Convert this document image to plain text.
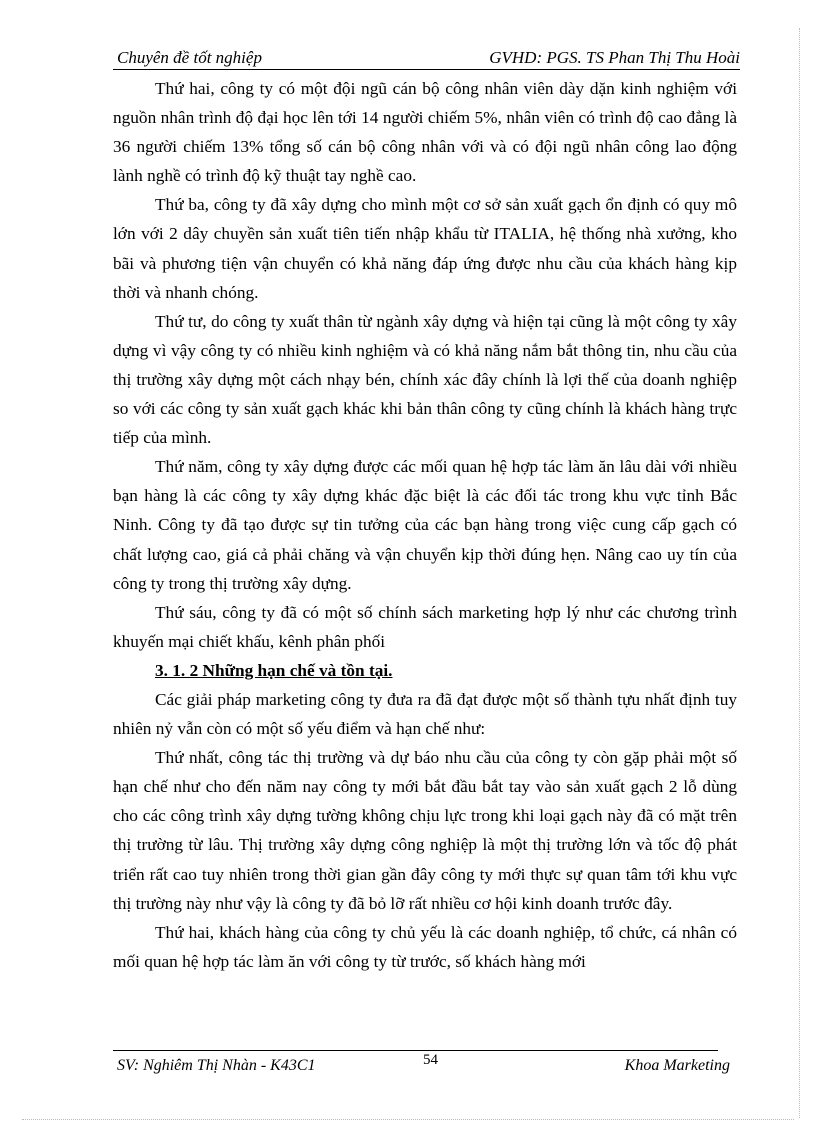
Chuyên đề tốt nghiệp	GVHD: PGS. TS Phan Thị Thu Hoài

Thứ hai, công ty có một đội ngũ cán bộ công nhân viên dày dặn kinh nghiệm với nguồn nhân trình độ đại học lên tới 14 người chiếm 5%, nhân viên có trình độ cao đẳng là 36 người chiếm 13% tổng số cán bộ công nhân với và có đội ngũ nhân công lao động lành nghề có trình độ kỹ thuật tay nghề cao.

Thứ ba, công ty đã xây dựng cho mình một cơ sở sản xuất gạch ổn định có quy mô lớn với 2 dây chuyền sản xuất tiên tiến nhập khẩu từ ITALIA, hệ thống nhà xưởng, kho bãi và phương tiện vận chuyển có khả năng đáp ứng được nhu cầu của khách hàng kịp thời và nhanh chóng.

Thứ tư, do công ty xuất thân từ ngành xây dựng và hiện tại cũng là một công ty xây dựng vì vậy công ty có nhiều kinh nghiệm và có khả năng nắm bắt thông tin, nhu cầu của thị trường xây dựng một cách nhạy bén, chính xác đây chính là lợi thế của doanh nghiệp so với các công ty sản xuất gạch khác khi bản thân công ty cũng chính là khách hàng trực tiếp của mình.

Thứ năm, công ty xây dựng được các mối quan hệ hợp tác làm ăn lâu dài với nhiều bạn hàng là các công ty xây dựng khác đặc biệt là các đối tác trong khu vực tỉnh Bắc Ninh. Công ty đã tạo được sự tin tưởng của các bạn hàng trong việc cung cấp gạch có chất lượng cao, giá cả phải chăng và vận chuyển kịp thời đúng hẹn. Nâng cao uy tín của công ty trong thị trường xây dựng.

Thứ sáu, công ty đã có một số chính sách marketing hợp lý như các chương trình khuyến mại chiết khấu, kênh phân phối

3. 1. 2 Những hạn chế và tồn tại.

Các giải pháp marketing công ty đưa ra đã đạt được một số thành tựu nhất định tuy nhiên nỷ vẫn còn có một số yếu điểm và hạn chế như:

Thứ nhất, công tác thị trường và dự báo nhu cầu của công ty còn gặp phải một số hạn chế như cho đến năm nay công ty mới bắt đầu bắt tay vào sản xuất gạch 2 lỗ dùng cho các công trình xây dựng tường không chịu lực trong khi loại gạch này đã có mặt trên thị trường từ lâu. Thị trường xây dựng công nghiệp là một thị trường lớn và tốc độ phát triển rất cao tuy nhiên trong thời gian gần đây công ty mới thực sự quan tâm tới khu vực thị trường này như vậy là công ty đã bỏ lỡ rất nhiều cơ hội kinh doanh trước đây.

Thứ hai, khách hàng của công ty chủ yếu là các doanh nghiệp, tổ chức, cá nhân có mối quan hệ hợp tác làm ăn với công ty từ trước, số khách hàng mới

SV: Nghiêm Thị Nhàn - K43C1	54	Khoa Marketing
